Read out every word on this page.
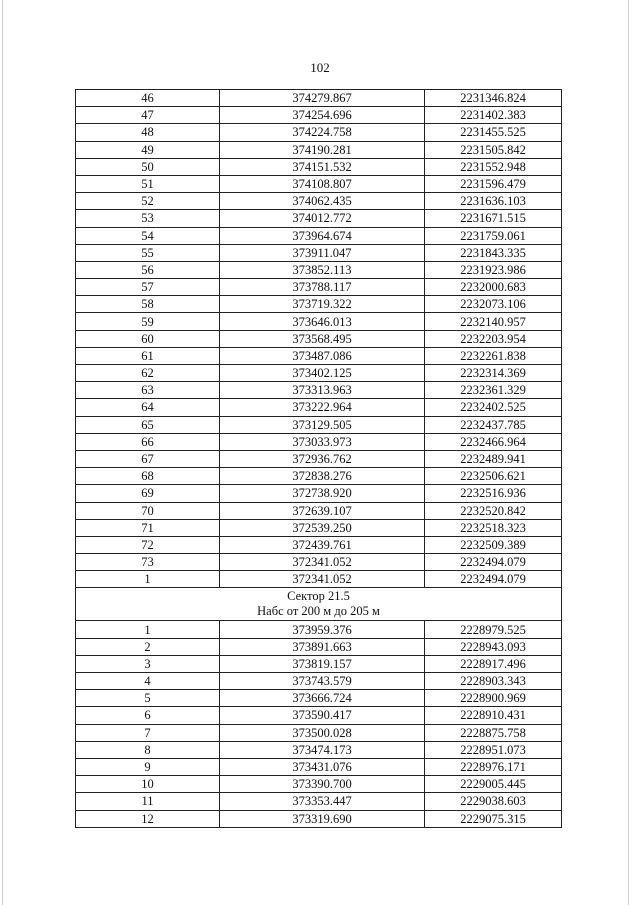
102
46	374279.867	2231346.824
47	374254.696	2231402.383
48	374224.758	2231455.525
49	374190.281	2231505.842
50	374151.532	2231552.948
51	374108.807	2231596.479
52	374062.435	2231636.103
53	374012.772	2231671.515
54	373964.674	2231759.061
55	373911.047	2231843.335
56	373852.113	2231923.986
57	373788.117	2232000.683
58	373719.322	2232073.106
59	373646.013	2232140.957
60	373568.495	2232203.954
61	373487.086	2232261.838
62	373402.125	2232314.369
63	373313.963	2232361.329
64	373222.964	2232402.525
65	373129.505	2232437.785
66	373033.973	2232466.964
67	372936.762	2232489.941
68	372838.276	2232506.621
69	372738.920	2232516.936
70	372639.107	2232520.842
71	372539.250	2232518.323
72	372439.761	2232509.389
73	372341.052	2232494.079
1	372341.052	2232494.079

Сектор 21.5
Набс от 200 м до 205 м		

1	373959.376	2228979.525
2	373891.663	2228943.093
3	373819.157	2228917.496
4	373743.579	2228903.343
5	373666.724	2228900.969
6	373590.417	2228910.431
7	373500.028	2228875.758
8	373474.173	2228951.073
9	373431.076	2228976.171
10	373390.700	2229005.445
11	373353.447	2229038.603
12	373319.690	2229075.315
